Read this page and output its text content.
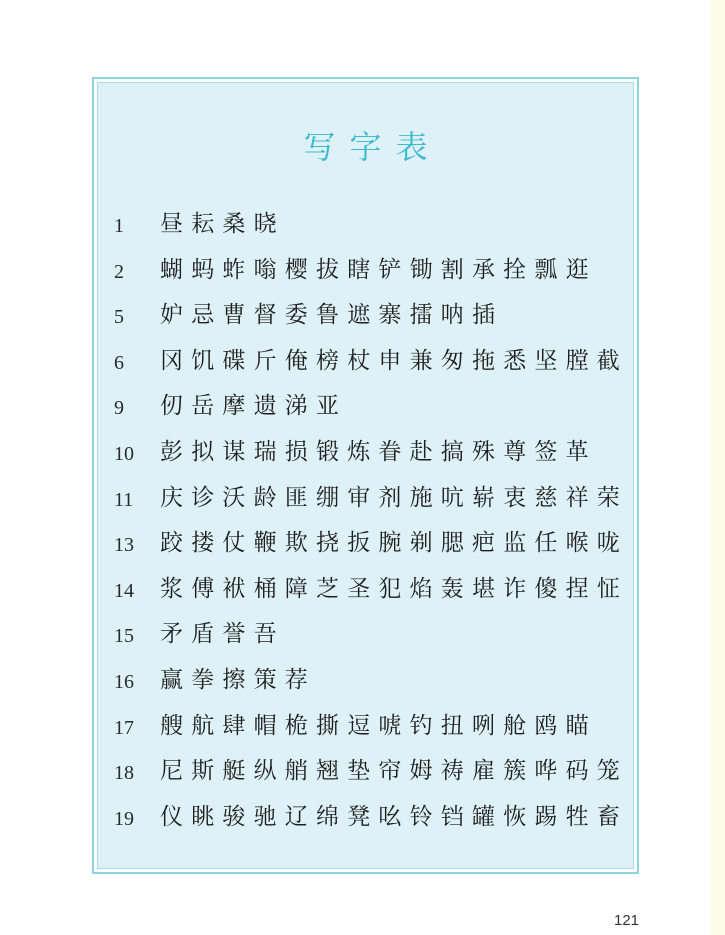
写字表
1 昼耘桑晓
2 蝴蚂蚱嗡樱拔瞎铲锄割承拴瓢逛
5 妒忌曹督委鲁遮寨擂呐插
6 冈饥碟斤俺榜杖申兼匆拖悉坚膛截
9 仞岳摩遗涕亚
10 彭拟谋瑞损锻炼眷赴搞殊尊签革
11 庆诊沃龄匪绷审剂施吭崭衷慈祥荣
13 跤搂仗鞭欺挠扳腕剃腮疤监任喉咙
14 浆傅袱桶障芝圣犯焰轰堪诈傻捏怔
15 矛盾誉吾
16 赢拳擦策荐
17 艘航肆帽桅撕逗唬钓扭咧舱鸥瞄
18 尼斯艇纵艄翘垫帘姆祷雇簇哗码笼
19 仪眺骏驰辽绵凳吆铃铛罐恢踢牲畜
121
